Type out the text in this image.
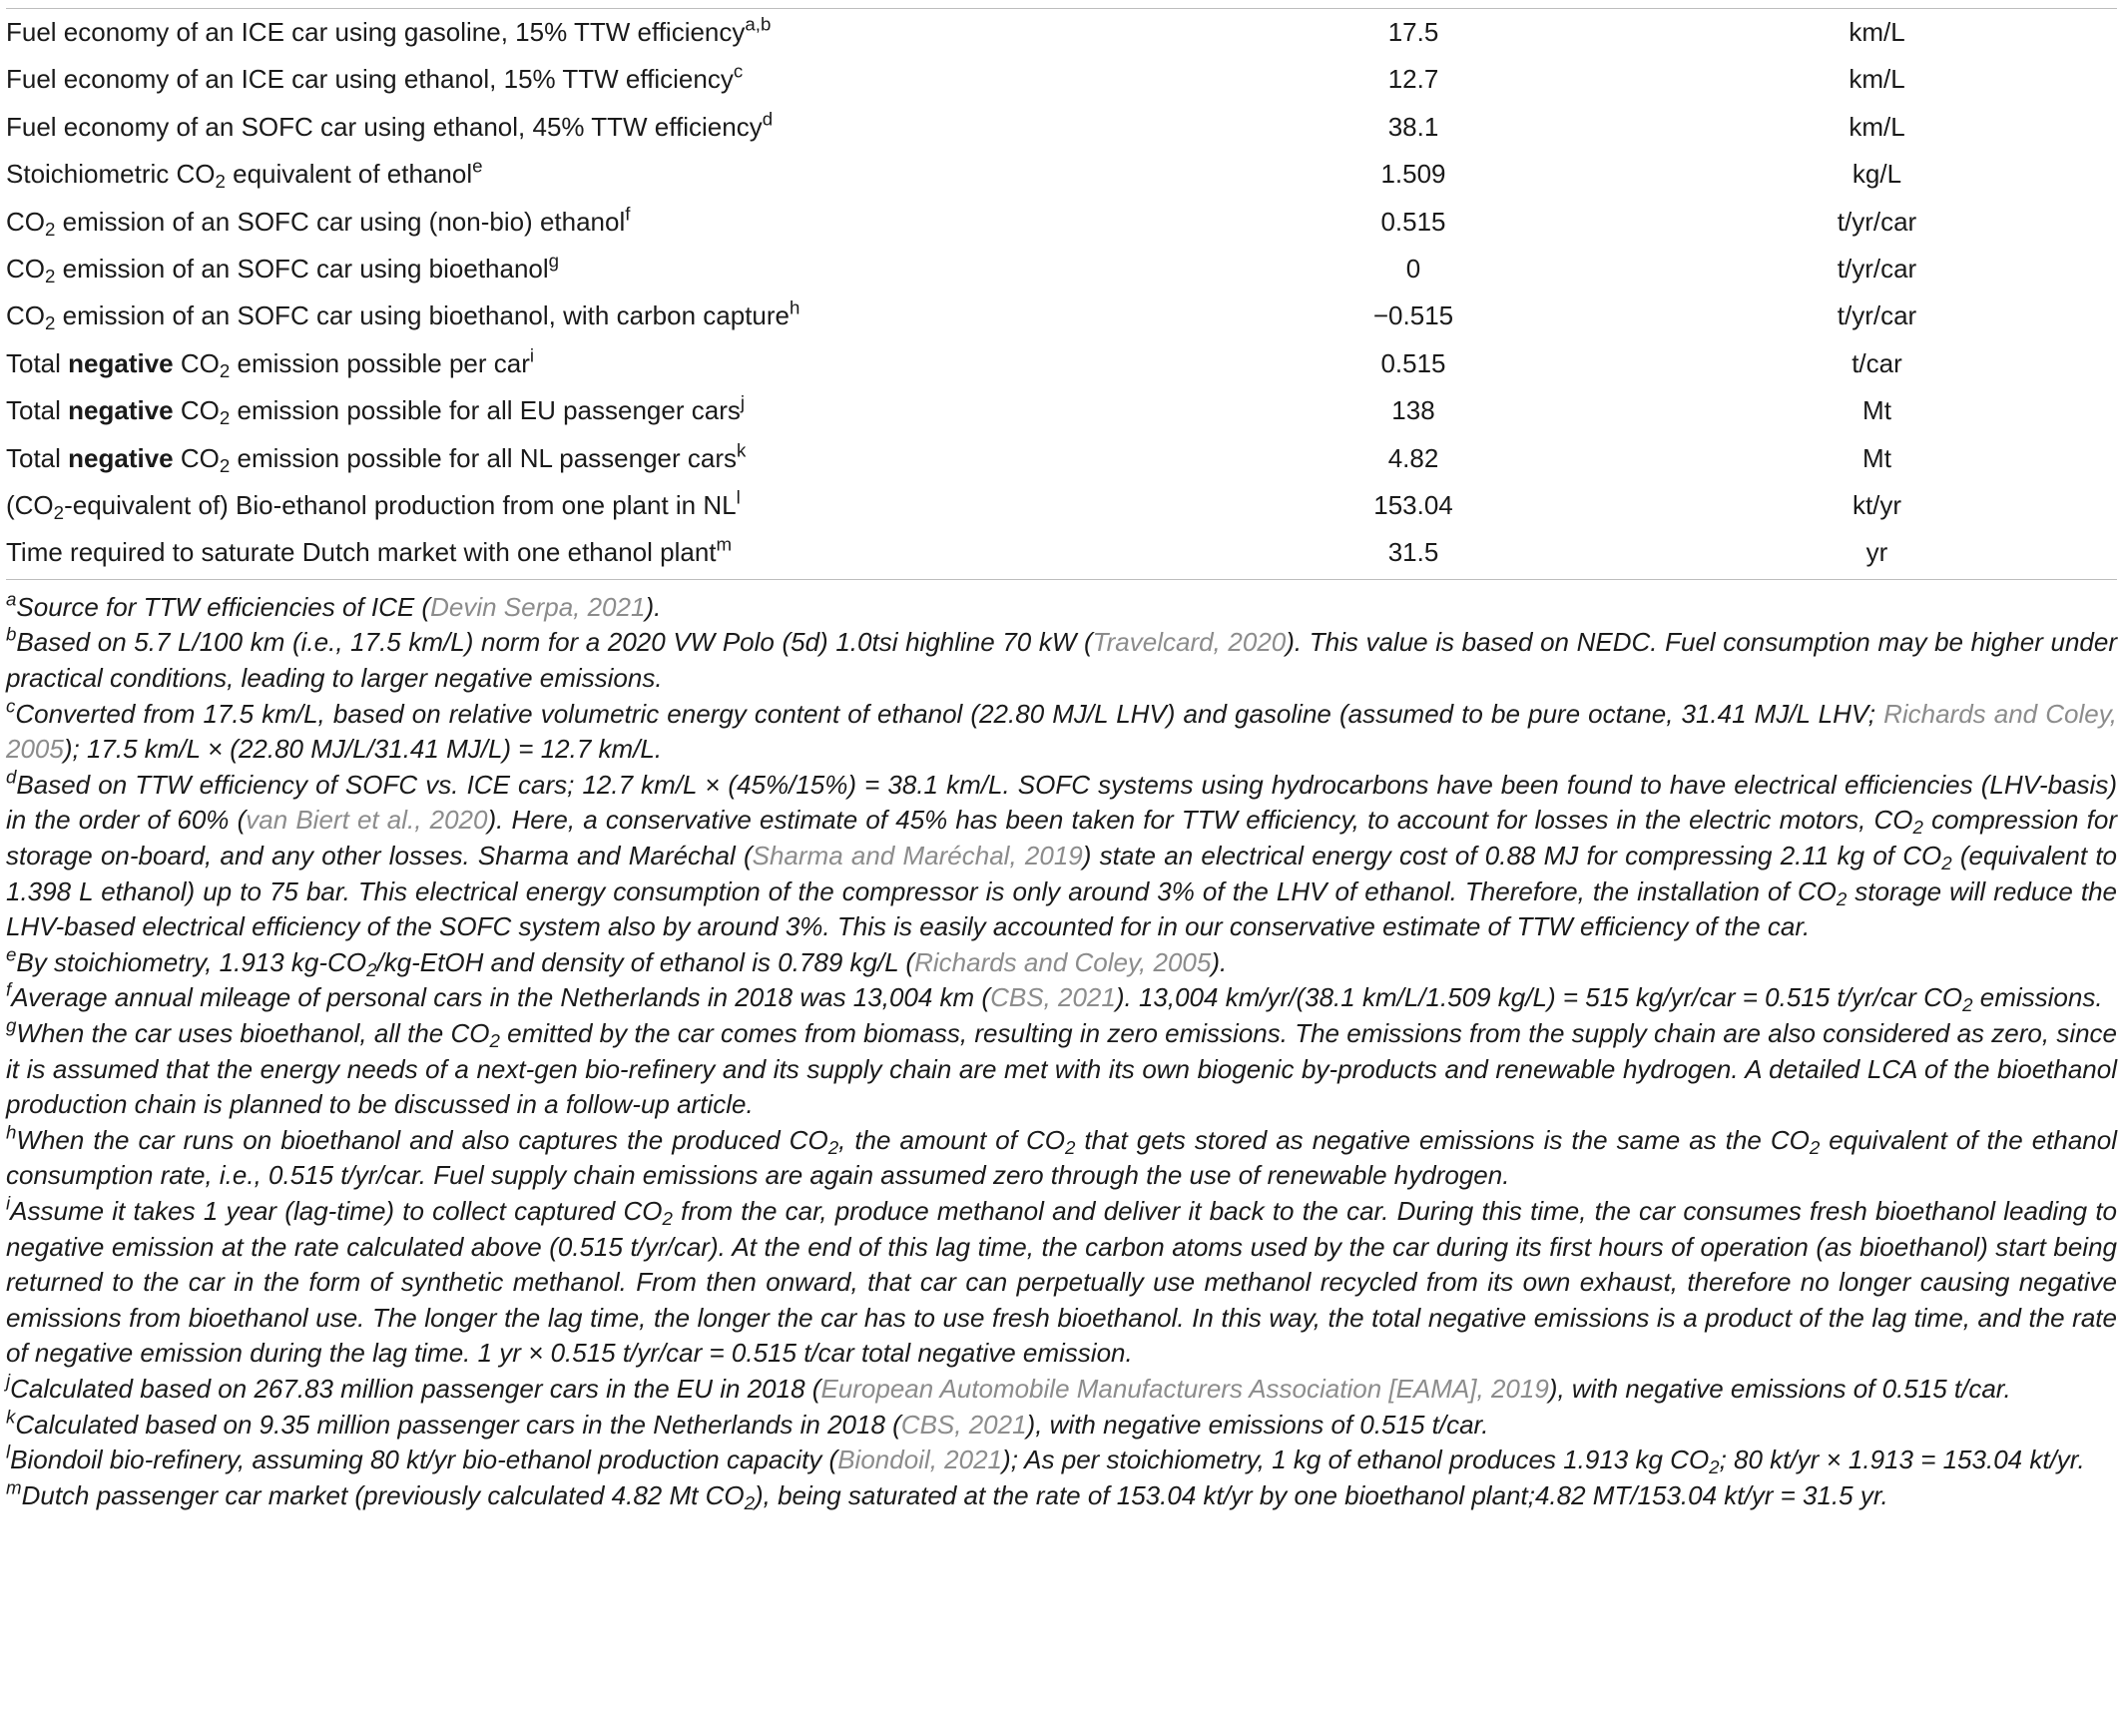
Fuel economy of an ICE car using gasoline, 15% TTW efficiency$^{a,b}$	17.5	km/L
Fuel economy of an ICE car using ethanol, 15% TTW efficiency$^c$	12.7	km/L
Fuel economy of an SOFC car using ethanol, 45% TTW efficiency$^d$	38.1	km/L
Stoichiometric $CO_2$ equivalent of ethanol$^e$	1.509	kg/L
$CO_2$ emission of an SOFC car using (non-bio) ethanol$^f$	0.515	t/yr/car
$CO_2$ emission of an SOFC car using bioethanol$^g$	0	t/yr/car
$CO_2$ emission of an SOFC car using bioethanol, with carbon capture$^h$	−0.515	t/yr/car
Total negative $CO_2$ emission possible per car$^i$	0.515	t/car
Total negative $CO_2$ emission possible for all EU passenger cars$^j$	138	Mt
Total negative $CO_2$ emission possible for all NL passenger cars$^k$	4.82	Mt
($CO_2$-equivalent of) Bio-ethanol production from one plant in $NL^l$	153.04	kt/yr
Time required to saturate Dutch market with one ethanol plant$^m$	31.5	yr

$^a$Source for TTW efficiencies of ICE (Devin Serpa, 2021).

$^b$Based on 5.7 L/100 km (i.e., 17.5 km/L) norm for a 2020 VW Polo (5d) 1.0tsi highline 70 kW (Travelcard, 2020). This value is based on NEDC. Fuel consumption may be higher under practical conditions, leading to larger negative emissions.

$^c$Converted from 17.5 km/L, based on relative volumetric energy content of ethanol (22.80 MJ/L LHV) and gasoline (assumed to be pure octane, 31.41 MJ/L LHV; Richards and Coley, 2005); 17.5 km/L × (22.80 MJ/L/31.41 MJ/L) = 12.7 km/L.

$^d$Based on TTW efficiency of SOFC vs. ICE cars; 12.7 km/L × (45%/15%) = 38.1 km/L. SOFC systems using hydrocarbons have been found to have electrical efficiencies (LHV-basis) in the order of 60% (van Biert et al., 2020). Here, a conservative estimate of 45% has been taken for TTW efficiency, to account for losses in the electric motors, $CO_2$ compression for storage on-board, and any other losses. Sharma and Maréchal (Sharma and Maréchal, 2019) state an electrical energy cost of 0.88 MJ for compressing 2.11 kg of $CO_2$ (equivalent to 1.398 L ethanol) up to 75 bar. This electrical energy consumption of the compressor is only around 3% of the LHV of ethanol. Therefore, the installation of $CO_2$ storage will reduce the LHV-based electrical efficiency of the SOFC system also by around 3%. This is easily accounted for in our conservative estimate of TTW efficiency of the car.

$^e$By stoichiometry, 1.913 $kg-CO_2/kg$-EtOH and density of ethanol is 0.789 kg/L (Richards and Coley, 2005).

$^f$Average annual mileage of personal cars in the Netherlands in 2018 was 13,004 km (CBS, 2021). 13,004 km/yr/(38.1 km/L/1.509 kg/L) = 515 kg/yr/car = 0.515 t/yr/car $CO_2$ emissions.

$^g$When the car uses bioethanol, all the $CO_2$ emitted by the car comes from biomass, resulting in zero emissions. The emissions from the supply chain are also considered as zero, since it is assumed that the energy needs of a next-gen bio-refinery and its supply chain are met with its own biogenic by-products and renewable hydrogen. A detailed LCA of the bioethanol production chain is planned to be discussed in a follow-up article.

$^h$When the car runs on bioethanol and also captures the produced $CO_2$, the amount of $CO_2$ that gets stored as negative emissions is the same as the $CO_2$ equivalent of the ethanol consumption rate, i.e., 0.515 t/yr/car. Fuel supply chain emissions are again assumed zero through the use of renewable hydrogen.

$^i$Assume it takes 1 year (lag-time) to collect captured $CO_2$ from the car, produce methanol and deliver it back to the car. During this time, the car consumes fresh bioethanol leading to negative emission at the rate calculated above (0.515 t/yr/car). At the end of this lag time, the carbon atoms used by the car during its first hours of operation (as bioethanol) start being returned to the car in the form of synthetic methanol. From then onward, that car can perpetually use methanol recycled from its own exhaust, therefore no longer causing negative emissions from bioethanol use. The longer the lag time, the longer the car has to use fresh bioethanol. In this way, the total negative emissions is a product of the lag time, and the rate of negative emission during the lag time. 1 yr × 0.515 t/yr/car = 0.515 t/car total negative emission.

$^j$Calculated based on 267.83 million passenger cars in the EU in 2018 (European Automobile Manufacturers Association [EAMA], 2019), with negative emissions of 0.515 t/car.

$^k$Calculated based on 9.35 million passenger cars in the Netherlands in 2018 (CBS, 2021), with negative emissions of 0.515 t/car.

$^l$Biondoil bio-refinery, assuming 80 kt/yr bio-ethanol production capacity (Biondoil, 2021); As per stoichiometry, 1 kg of ethanol produces 1.913 kg $CO_2$; 80 kt/yr × 1.913 = 153.04 kt/yr.

$^m$Dutch passenger car market (previously calculated 4.82 Mt $CO_2$), being saturated at the rate of 153.04 kt/yr by one bioethanol plant;4.82 MT/153.04 kt/yr = 31.5 yr.
